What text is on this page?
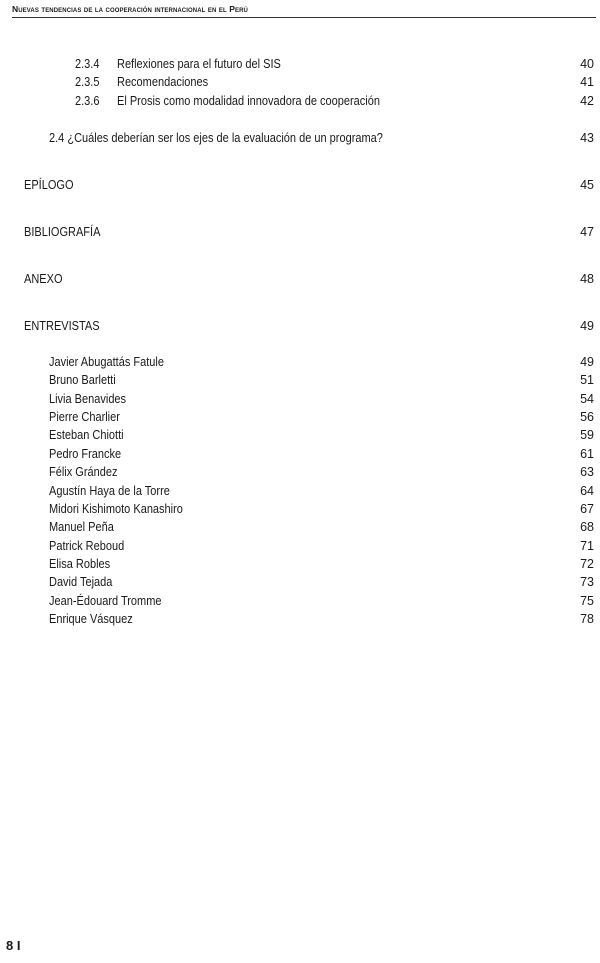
Nuevas tendencias de la cooperación internacional en el Perú
2.3.4 Reflexiones para el futuro del SIS	40
2.3.5 Recomendaciones	41
2.3.6 El Prosis como modalidad innovadora de cooperación	42
2.4 ¿Cuáles deberían ser los ejes de la evaluación de un programa?	43
EPÍLOGO	45
BIBLIOGRAFÍA	47
ANEXO	48
ENTREVISTAS	49
Javier Abugattás Fatule	49
Bruno Barletti	51
Livia Benavides	54
Pierre Charlier	56
Esteban Chiotti	59
Pedro Francke	61
Félix Grández	63
Agustín Haya de la Torre	64
Midori Kishimoto Kanashiro	67
Manuel Peña	68
Patrick Reboud	71
Elisa Robles	72
David Tejada	73
Jean-Édouard Tromme	75
Enrique Vásquez	78
8 I
